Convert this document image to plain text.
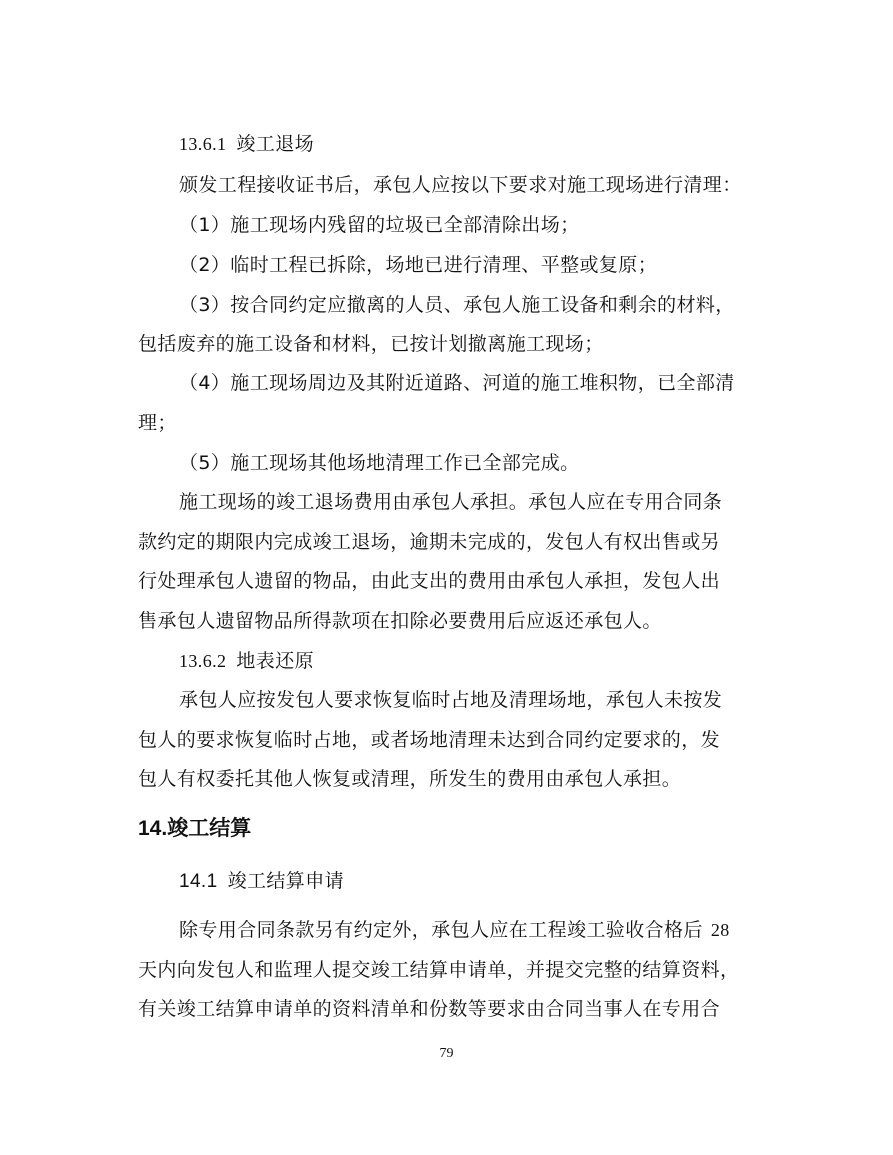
13.6.1 竣工退场
颁发工程接收证书后，承包人应按以下要求对施工现场进行清理：
（1）施工现场内残留的垃圾已全部清除出场；
（2）临时工程已拆除，场地已进行清理、平整或复原；
（3）按合同约定应撤离的人员、承包人施工设备和剩余的材料，
包括废弃的施工设备和材料，已按计划撤离施工现场；
（4）施工现场周边及其附近道路、河道的施工堆积物，已全部清
理；
（5）施工现场其他场地清理工作已全部完成。
施工现场的竣工退场费用由承包人承担。承包人应在专用合同条
款约定的期限内完成竣工退场，逾期未完成的，发包人有权出售或另
行处理承包人遗留的物品，由此支出的费用由承包人承担，发包人出
售承包人遗留物品所得款项在扣除必要费用后应返还承包人。
13.6.2 地表还原
承包人应按发包人要求恢复临时占地及清理场地，承包人未按发
包人的要求恢复临时占地，或者场地清理未达到合同约定要求的，发
包人有权委托其他人恢复或清理，所发生的费用由承包人承担。
14.竣工结算
14.1 竣工结算申请
除专用合同条款另有约定外，承包人应在工程竣工验收合格后 28
天内向发包人和监理人提交竣工结算申请单，并提交完整的结算资料，
有关竣工结算申请单的资料清单和份数等要求由合同当事人在专用合
79
